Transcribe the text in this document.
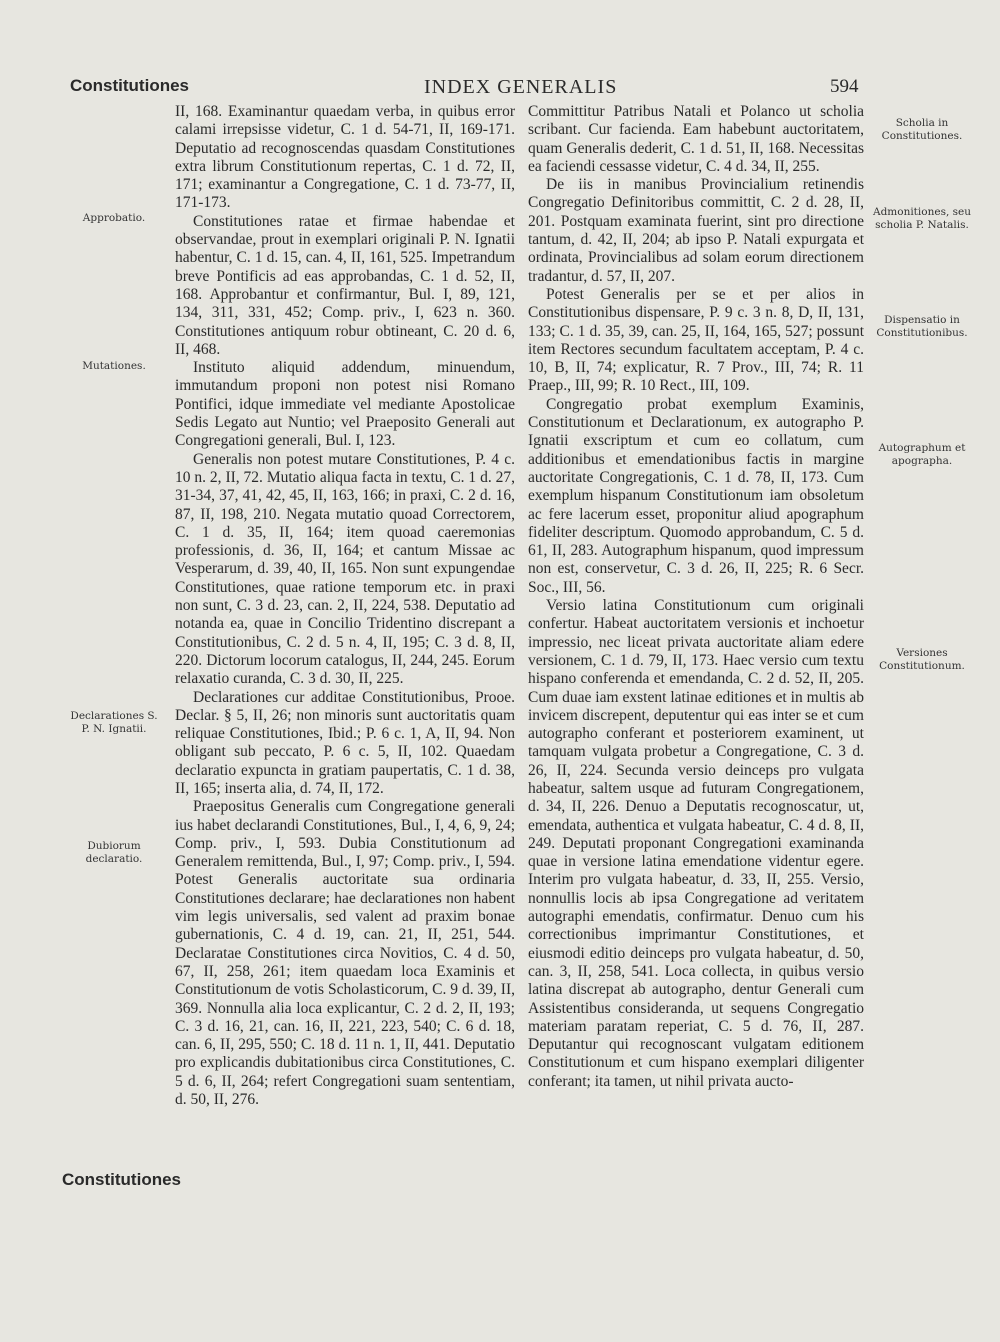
Constitutiones	INDEX GENERALIS	594
Approbatio.
Mutationes.
Declarationes S. P. N. Ignatii.
Dubiorum declaratio.
Scholia in Constitutiones.
Admonitiones, seu scholia P. Natalis.
Dispensatio in Constitutionibus.
Autographum et apographa.
Versiones Constitutionum.

II, 168. Examinantur quaedam verba, in quibus error calami irrepsisse videtur, C. 1 d. 54-71, II, 169-171. Deputatio ad recognoscendas quasdam Constitutiones extra librum Constitutionum repertas, C. 1 d. 72, II, 171; examinantur a Congregatione, C. 1 d. 73-77, II, 171-173.

Constitutiones ratae et firmae habendae et observandae, prout in exemplari originali P. N. Ignatii habentur, C. 1 d. 15, can. 4, II, 161, 525. Impetrandum breve Pontificis ad eas approbandas, C. 1 d. 52, II, 168. Approbantur et confirmantur, Bul. I, 89, 121, 134, 311, 331, 452; Comp. priv., I, 623 n. 360. Constitutiones antiquum robur obtineant, C. 20 d. 6, II, 468.

Instituto aliquid addendum, minuendum, immutandum proponi non potest nisi Romano Pontifici, idque immediate vel mediante Apostolicae Sedis Legato aut Nuntio; vel Praeposito Generali aut Congregationi generali, Bul. I, 123.

Generalis non potest mutare Constitutiones, P. 4 c. 10 n. 2, II, 72. Mutatio aliqua facta in textu, C. 1 d. 27, 31-34, 37, 41, 42, 45, II, 163, 166; in praxi, C. 2 d. 16, 87, II, 198, 210. Negata mutatio quoad Correctorem, C. 1 d. 35, II, 164; item quoad caeremonias professionis, d. 36, II, 164; et cantum Missae ac Vesperarum, d. 39, 40, II, 165. Non sunt expungendae Constitutiones, quae ratione temporum etc. in praxi non sunt, C. 3 d. 23, can. 2, II, 224, 538. Deputatio ad notanda ea, quae in Concilio Tridentino discrepant a Constitutionibus, C. 2 d. 5 n. 4, II, 195; C. 3 d. 8, II, 220. Dictorum locorum catalogus, II, 244, 245. Eorum relaxatio curanda, C. 3 d. 30, II, 225.

Declarationes cur additae Constitutionibus, Prooe. Declar. § 5, II, 26; non minoris sunt auctoritatis quam reliquae Constitutiones, Ibid.; P. 6 c. 1, A, II, 94. Non obligant sub peccato, P. 6 c. 5, II, 102. Quaedam declaratio expuncta in gratiam paupertatis, C. 1 d. 38, II, 165; inserta alia, d. 74, II, 172.

Praepositus Generalis cum Congregatione generali ius habet declarandi Constitutiones, Bul., I, 4, 6, 9, 24; Comp. priv., I, 593. Dubia Constitutionum ad Generalem remittenda, Bul., I, 97; Comp. priv., I, 594. Potest Generalis auctoritate sua ordinaria Constitutiones declarare; hae declarationes non habent vim legis universalis, sed valent ad praxim bonae gubernationis, C. 4 d. 19, can. 21, II, 251, 544. Declaratae Constitutiones circa Novitios, C. 4 d. 50, 67, II, 258, 261; item quaedam loca Examinis et Constitutionum de votis Scholasticorum, C. 9 d. 39, II, 369. Nonnulla alia loca explicantur, C. 2 d. 2, II, 193; C. 3 d. 16, 21, can. 16, II, 221, 223, 540; C. 6 d. 18, can. 6, II, 295, 550; C. 18 d. 11 n. 1, II, 441. Deputatio pro explicandis dubitationibus circa Constitutiones, C. 5 d. 6, II, 264; refert Congregationi suam sententiam, d. 50, II, 276.

Committitur Patribus Natali et Polanco ut scholia scribant. Cur facienda. Eam habebunt auctoritatem, quam Generalis dederit, C. 1 d. 51, II, 168. Necessitas ea faciendi cessasse videtur, C. 4 d. 34, II, 255.

De iis in manibus Provincialium retinendis Congregatio Definitoribus committit, C. 2 d. 28, II, 201. Postquam examinata fuerint, sint pro directione tantum, d. 42, II, 204; ab ipso P. Natali expurgata et ordinata, Provincialibus ad solam eorum directionem tradantur, d. 57, II, 207.

Potest Generalis per se et per alios in Constitutionibus dispensare, P. 9 c. 3 n. 8, D, II, 131, 133; C. 1 d. 35, 39, can. 25, II, 164, 165, 527; possunt item Rectores secundum facultatem acceptam, P. 4 c. 10, B, II, 74; explicatur, R. 7 Prov., III, 74; R. 11 Praep., III, 99; R. 10 Rect., III, 109.

Congregatio probat exemplum Examinis, Constitutionum et Declarationum, ex autographo P. Ignatii exscriptum et cum eo collatum, cum additionibus et emendationibus factis in margine auctoritate Congregationis, C. 1 d. 78, II, 173. Cum exemplum hispanum Constitutionum iam obsoletum ac fere lacerum esset, proponitur aliud apographum fideliter descriptum. Quomodo approbandum, C. 5 d. 61, II, 283. Autographum hispanum, quod impressum non est, conservetur, C. 3 d. 26, II, 225; R. 6 Secr. Soc., III, 56.

Versio latina Constitutionum cum originali confertur. Habeat auctoritatem versionis et inchoetur impressio, nec liceat privata auctoritate aliam edere versionem, C. 1 d. 79, II, 173. Haec versio cum textu hispano conferenda et emendanda, C. 2 d. 52, II, 205. Cum duae iam exstent latinae editiones et in multis ab invicem discrepent, deputentur qui eas inter se et cum autographo conferant et posteriorem examinent, ut tamquam vulgata probetur a Congregatione, C. 3 d. 26, II, 224. Secunda versio deinceps pro vulgata habeatur, saltem usque ad futuram Congregationem, d. 34, II, 226. Denuo a Deputatis recognoscatur, ut, emendata, authentica et vulgata habeatur, C. 4 d. 8, II, 249. Deputati proponant Congregationi examinanda quae in versione latina emendatione videntur egere. Interim pro vulgata habeatur, d. 33, II, 255. Versio, nonnullis locis ab ipsa Congregatione ad veritatem autographi emendatis, confirmatur. Denuo cum his correctionibus imprimantur Constitutiones, et eiusmodi editio deinceps pro vulgata habeatur, d. 50, can. 3, II, 258, 541. Loca collecta, in quibus versio latina discrepat ab autographo, dentur Generali cum Assistentibus consideranda, ut sequens Congregatio materiam paratam reperiat, C. 5 d. 76, II, 287. Deputantur qui recognoscant vulgatam editionem Constitutionum et cum hispano exemplari diligenter conferant; ita tamen, ut nihil privata aucto-

Constitutiones
